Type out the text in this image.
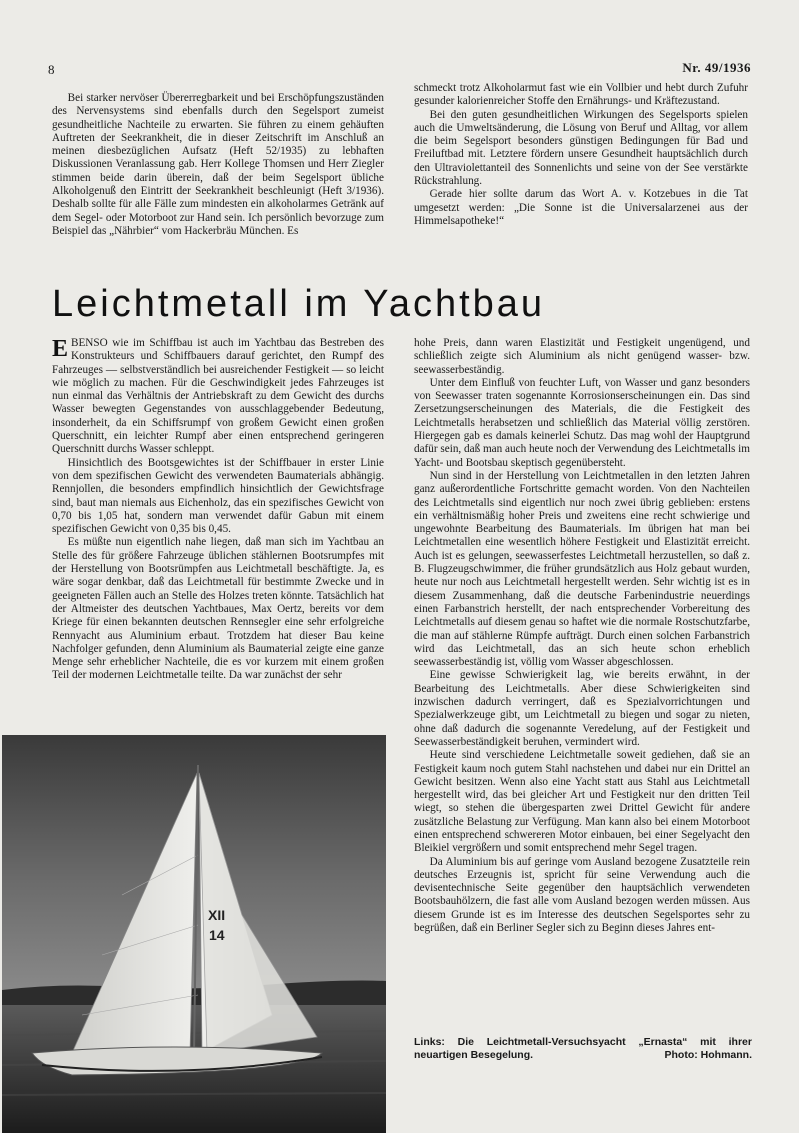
8	Nr. 49/1936

Bei starker nervöser Übererregbarkeit und bei Erschöpfungszuständen des Nervensystems sind ebenfalls durch den Segelsport zumeist gesundheitliche Nachteile zu erwarten. Sie führen zu einem gehäuften Auftreten der Seekrankheit, die in dieser Zeitschrift im Anschluß an meinen diesbezüglichen Aufsatz (Heft 52/1935) zu lebhaften Diskussionen Veranlassung gab. Herr Kollege Thomsen und Herr Ziegler stimmen beide darin überein, daß der beim Segelsport übliche Alkoholgenuß den Eintritt der Seekrankheit beschleunigt (Heft 3/1936). Deshalb sollte für alle Fälle zum mindesten ein alkoholarmes Getränk auf dem Segel- oder Motorboot zur Hand sein. Ich persönlich bevorzuge zum Beispiel das „Nährbier“ vom Hackerbräu München. Es

schmeckt trotz Alkoholarmut fast wie ein Vollbier und hebt durch Zufuhr gesunder kalorienreicher Stoffe den Ernährungs- und Kräftezustand.

Bei den guten gesundheitlichen Wirkungen des Segelsports spielen auch die Umweltsänderung, die Lösung von Beruf und Alltag, vor allem die beim Segelsport besonders günstigen Bedingungen für Bad und Freiluftbad mit. Letztere fördern unsere Gesundheit hauptsächlich durch den Ultraviolettanteil des Sonnenlichts und seine von der See verstärkte Rückstrahlung.

Gerade hier sollte darum das Wort A. v. Kotzebues in die Tat umgesetzt werden: „Die Sonne ist die Universalarzenei aus der Himmelsapotheke!“

Leichtmetall im Yachtbau

EBENSO wie im Schiffbau ist auch im Yachtbau das Bestreben des Konstrukteurs und Schiffbauers darauf gerichtet, den Rumpf des Fahrzeuges — selbstverständlich bei ausreichender Festigkeit — so leicht wie möglich zu machen. Für die Geschwindigkeit jedes Fahrzeuges ist nun einmal das Verhältnis der Antriebskraft zu dem Gewicht des durchs Wasser bewegten Gegenstandes von ausschlaggebender Bedeutung, insonderheit, da ein Schiffsrumpf von großem Gewicht einen großen Querschnitt, ein leichter Rumpf aber einen entsprechend geringeren Querschnitt durchs Wasser schleppt.

Hinsichtlich des Bootsgewichtes ist der Schiffbauer in erster Linie von dem spezifischen Gewicht des verwendeten Baumaterials abhängig. Rennjollen, die besonders empfindlich hinsichtlich der Gewichtsfrage sind, baut man niemals aus Eichenholz, das ein spezifisches Gewicht von 0,70 bis 1,05 hat, sondern man verwendet dafür Gabun mit einem spezifischen Gewicht von 0,35 bis 0,45.

Es müßte nun eigentlich nahe liegen, daß man sich im Yachtbau an Stelle des für größere Fahrzeuge üblichen stählernen Bootsrumpfes mit der Herstellung von Bootsrümpfen aus Leichtmetall beschäftigte. Ja, es wäre sogar denkbar, daß das Leichtmetall für bestimmte Zwecke und in geeigneten Fällen auch an Stelle des Holzes treten könnte. Tatsächlich hat der Altmeister des deutschen Yachtbaues, Max Oertz, bereits vor dem Kriege für einen bekannten deutschen Rennsegler eine sehr erfolgreiche Rennyacht aus Aluminium erbaut. Trotzdem hat dieser Bau keine Nachfolger gefunden, denn Aluminium als Baumaterial zeigte eine ganze Menge sehr erheblicher Nachteile, die es vor kurzem mit einem großen Teil der modernen Leichtmetalle teilte. Da war zunächst der sehr

hohe Preis, dann waren Elastizität und Festigkeit ungenügend, und schließlich zeigte sich Aluminium als nicht genügend wasser- bzw. seewasserbeständig.

Unter dem Einfluß von feuchter Luft, von Wasser und ganz besonders von Seewasser traten sogenannte Korrosionserscheinungen ein. Das sind Zersetzungserscheinungen des Materials, die die Festigkeit des Leichtmetalls herabsetzen und schließlich das Material völlig zerstören. Hiergegen gab es damals keinerlei Schutz. Das mag wohl der Hauptgrund dafür sein, daß man auch heute noch der Verwendung des Leichtmetalls im Yacht- und Bootsbau skeptisch gegenübersteht.

Nun sind in der Herstellung von Leichtmetallen in den letzten Jahren ganz außerordentliche Fortschritte gemacht worden. Von den Nachteilen des Leichtmetalls sind eigentlich nur noch zwei übrig geblieben: erstens ein verhältnismäßig hoher Preis und zweitens eine recht schwierige und ungewohnte Bearbeitung des Baumaterials. Im übrigen hat man bei Leichtmetallen eine wesentlich höhere Festigkeit und Elastizität erreicht. Auch ist es gelungen, seewasserfestes Leichtmetall herzustellen, so daß z. B. Flugzeugschwimmer, die früher grundsätzlich aus Holz gebaut wurden, heute nur noch aus Leichtmetall hergestellt werden. Sehr wichtig ist es in diesem Zusammenhang, daß die deutsche Farbenindustrie neuerdings einen Farbanstrich herstellt, der nach entsprechender Vorbereitung des Leichtmetalls auf diesem genau so haftet wie die normale Rostschutzfarbe, die man auf stählerne Rümpfe aufträgt. Durch einen solchen Farbanstrich wird das Leichtmetall, das an sich heute schon erheblich seewasserbeständig ist, völlig vom Wasser abgeschlossen.

Eine gewisse Schwierigkeit lag, wie bereits erwähnt, in der Bearbeitung des Leichtmetalls. Aber diese Schwierigkeiten sind inzwischen dadurch verringert, daß es Spezialvorrichtungen und Spezialwerkzeuge gibt, um Leichtmetall zu biegen und sogar zu nieten, ohne daß dadurch die sogenannte Veredelung, auf der Festigkeit und Seewasserbeständigkeit beruhen, vermindert wird.

Heute sind verschiedene Leichtmetalle soweit gediehen, daß sie an Festigkeit kaum noch gutem Stahl nachstehen und dabei nur ein Drittel an Gewicht besitzen. Wenn also eine Yacht statt aus Stahl aus Leichtmetall hergestellt wird, das bei gleicher Art und Festigkeit nur den dritten Teil wiegt, so stehen die übergesparten zwei Drittel Gewicht für andere zusätzliche Belastung zur Verfügung. Man kann also bei einem Motorboot einen entsprechend schwereren Motor einbauen, bei einer Segelyacht den Bleikiel vergrößern und somit entsprechend mehr Segel tragen.

Da Aluminium bis auf geringe vom Ausland bezogene Zusatzteile rein deutsches Erzeugnis ist, spricht für seine Verwendung auch die devisentechnische Seite gegenüber den hauptsächlich verwendeten Bootsbauhölzern, die fast alle vom Ausland bezogen werden müssen. Aus diesem Grunde ist es im Interesse des deutschen Segelsportes sehr zu begrüßen, daß ein Berliner Segler sich zu Beginn dieses Jahres ent-

XII
14
Links: Die Leichtmetall-Versuchsyacht „Ernasta“ mit ihrer neuartigen Besegelung.	Photo: Hohmann.
